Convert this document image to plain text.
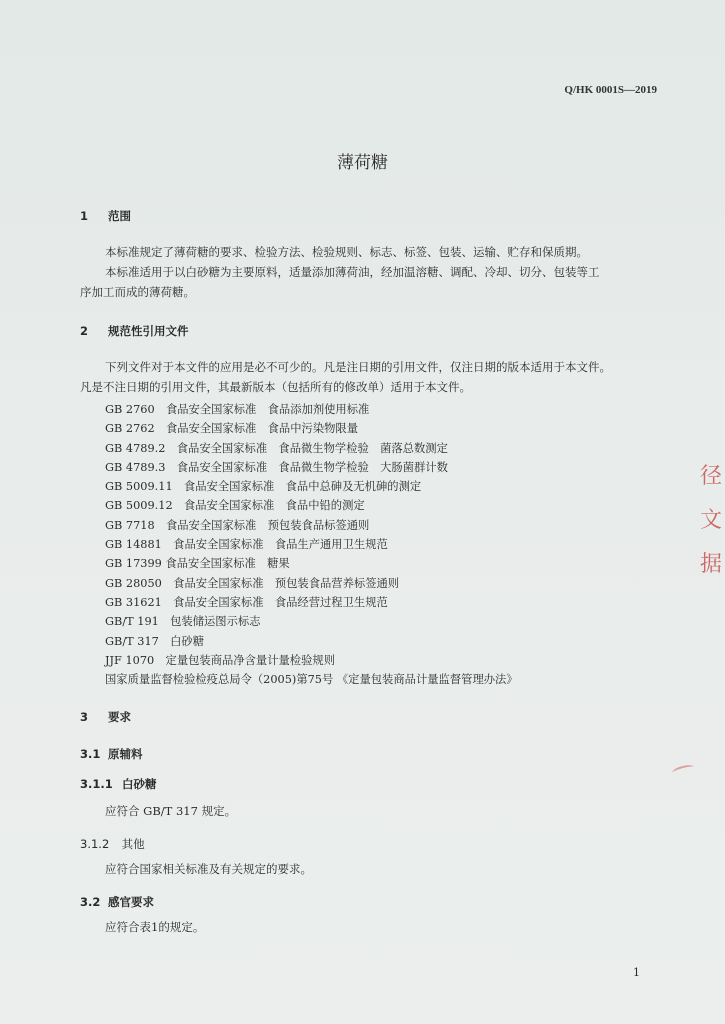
Q/HK 0001S—2019
薄荷糖
1 范围
本标准规定了薄荷糖的要求、检验方法、检验规则、标志、标签、包装、运输、贮存和保质期。
本标准适用于以白砂糖为主要原料，适量添加薄荷油，经加温溶糖、调配、冷却、切分、包装等工
序加工而成的薄荷糖。
2 规范性引用文件
下列文件对于本文件的应用是必不可少的。凡是注日期的引用文件，仅注日期的版本适用于本文件。
凡是不注日期的引用文件，其最新版本（包括所有的修改单）适用于本文件。
GB 2760　食品安全国家标准　食品添加剂使用标准
GB 2762　食品安全国家标准　食品中污染物限量
GB 4789.2　食品安全国家标准　食品微生物学检验　菌落总数测定
GB 4789.3　食品安全国家标准　食品微生物学检验　大肠菌群计数
GB 5009.11　食品安全国家标准　食品中总砷及无机砷的测定
GB 5009.12　食品安全国家标准　食品中铅的测定
GB 7718　食品安全国家标准　预包装食品标签通则
GB 14881　食品安全国家标准　食品生产通用卫生规范
GB 17399 食品安全国家标准　糖果
GB 28050　食品安全国家标准　预包装食品营养标签通则
GB 31621　食品安全国家标准　食品经营过程卫生规范
GB/T 191　包装储运图示标志
GB/T 317　白砂糖
JJF 1070　定量包装商品净含量计量检验规则
国家质量监督检验检疫总局令（2005)第75号 《定量包装商品计量监督管理办法》
3 要求
3.1 原辅料
3.1.1 白砂糖
应符合 GB/T 317 规定。
3.1.2 其他
应符合国家相关标准及有关规定的要求。
3.2 感官要求
应符合表1的规定。
径
文
据
1
